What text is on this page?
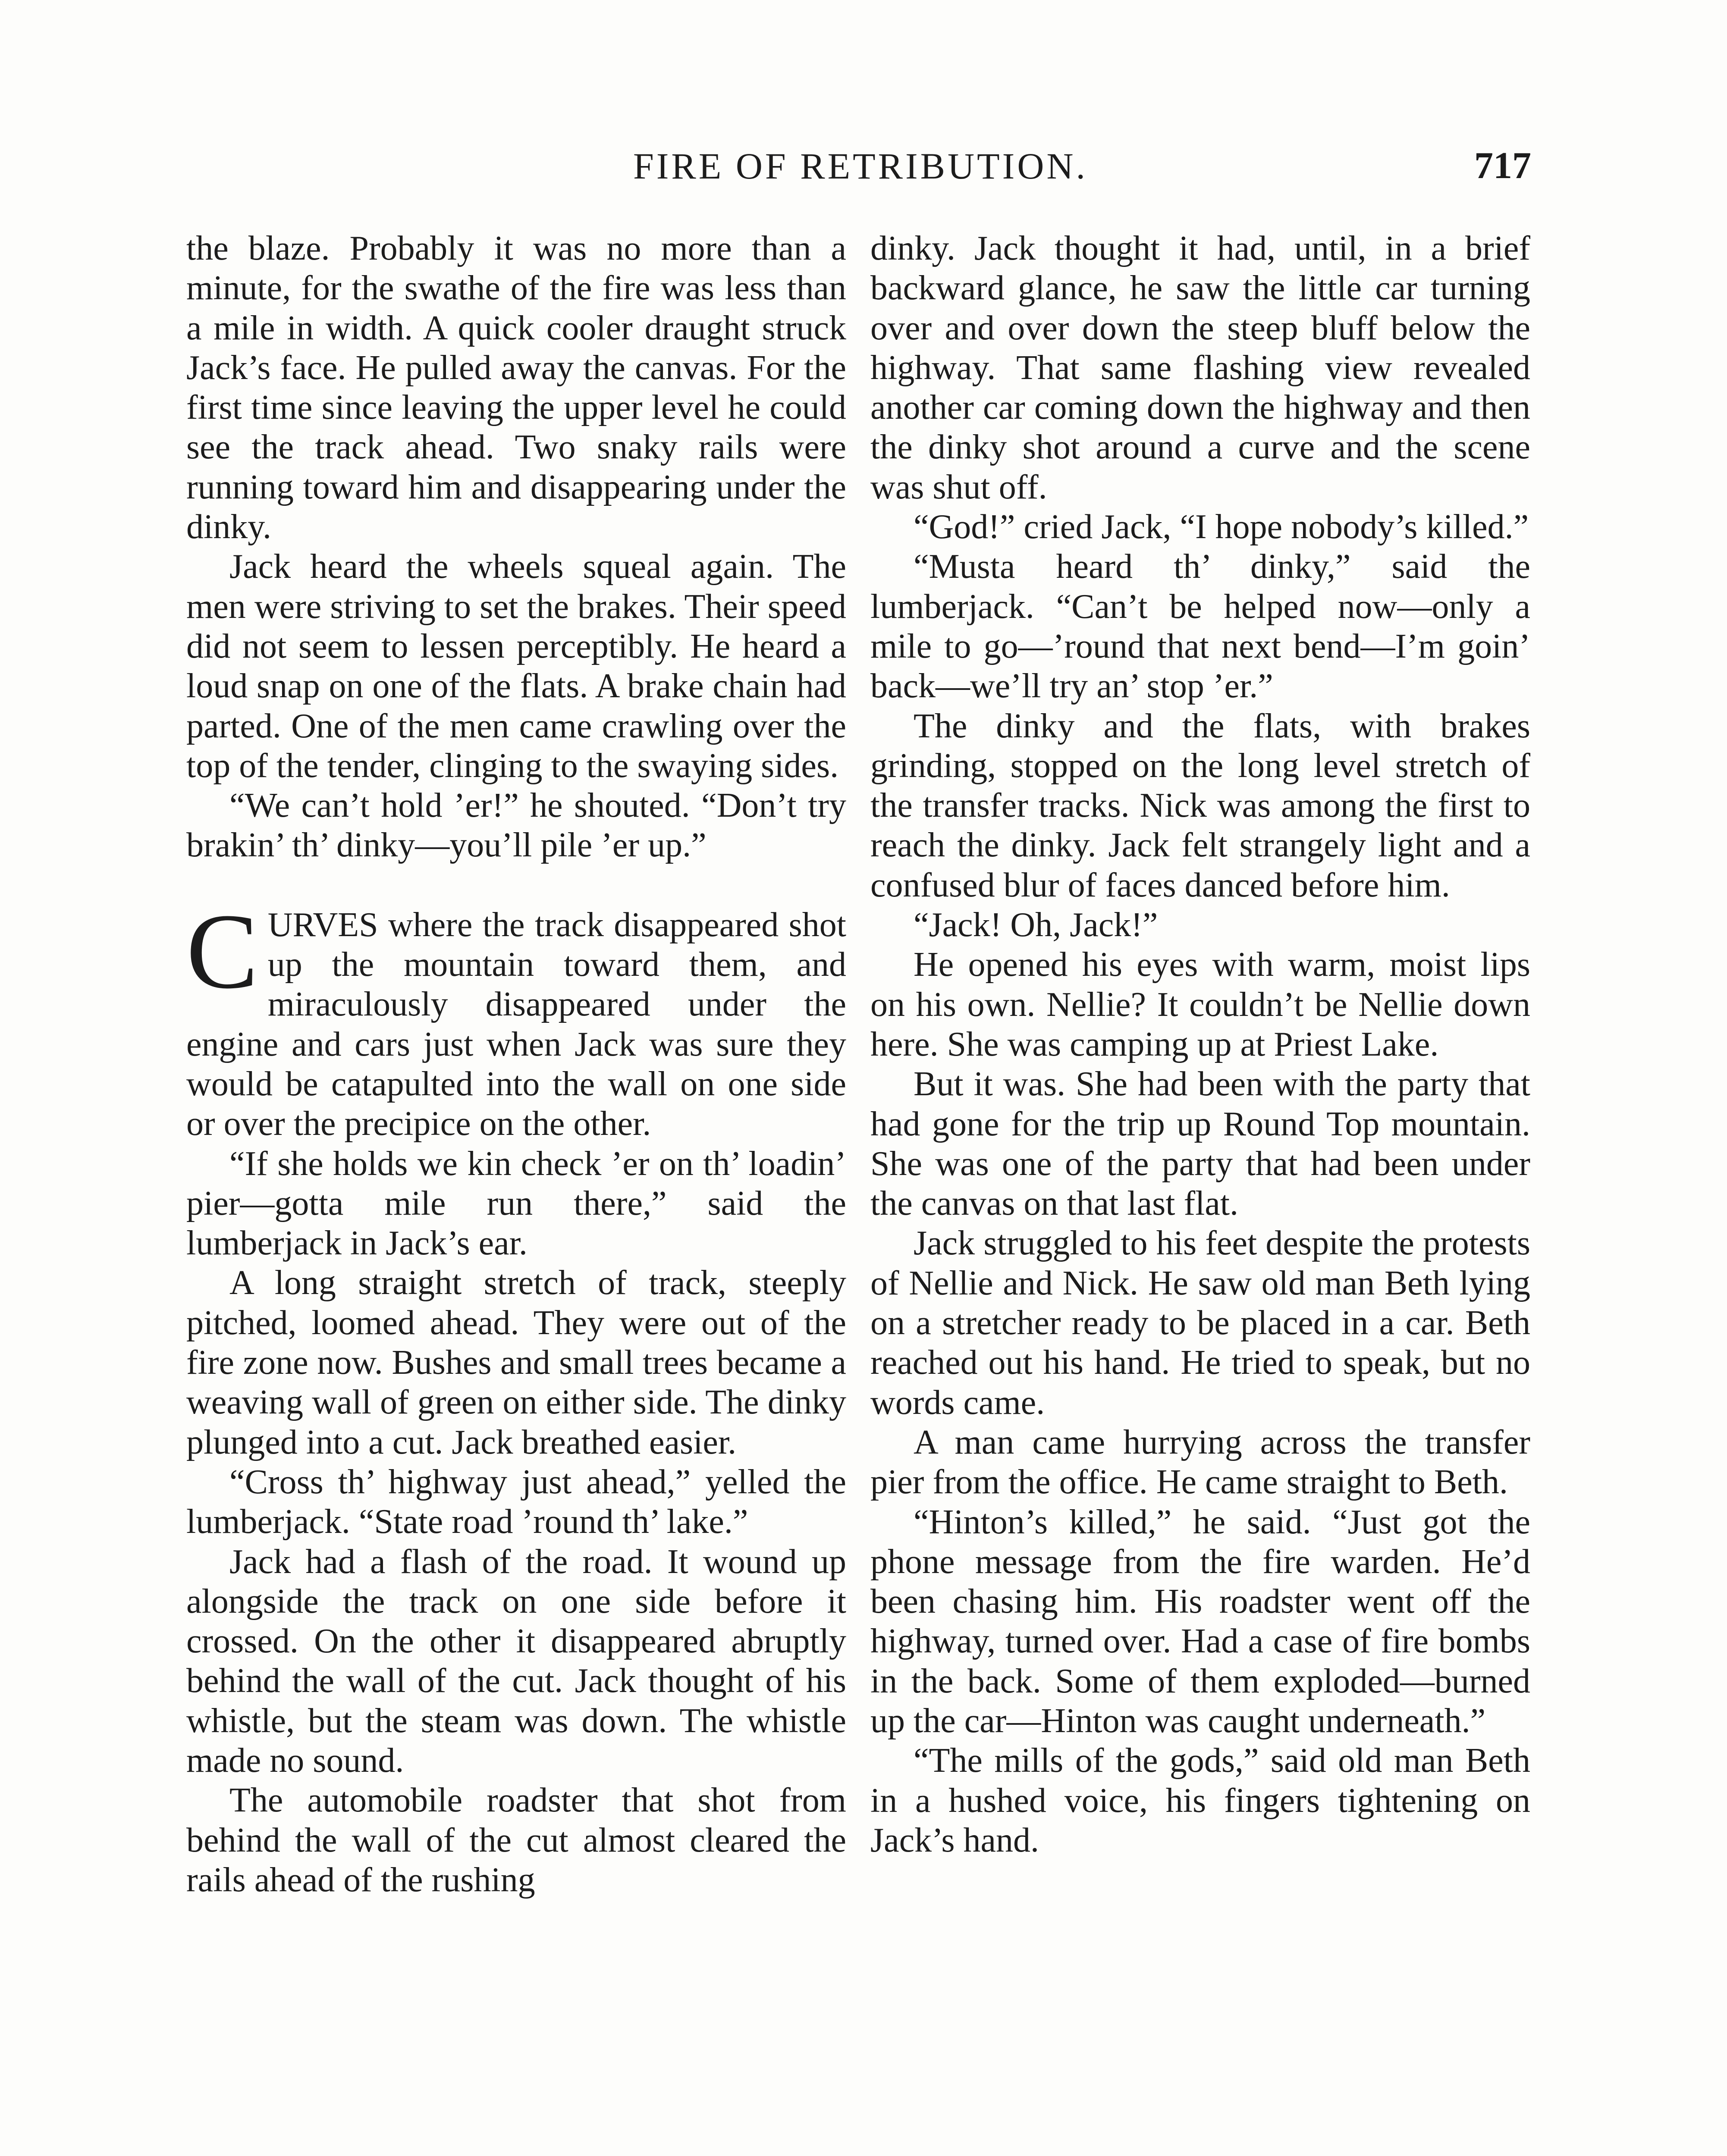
FIRE OF RETRIBUTION.	717

the blaze. Probably it was no more than a minute, for the swathe of the fire was less than a mile in width. A quick cooler draught struck Jack’s face. He pulled away the canvas. For the first time since leaving the upper level he could see the track ahead. Two snaky rails were running toward him and disappearing under the dinky.

Jack heard the wheels squeal again. The men were striving to set the brakes. Their speed did not seem to lessen perceptibly. He heard a loud snap on one of the flats. A brake chain had parted. One of the men came crawling over the top of the tender, clinging to the swaying sides.

“We can’t hold ’er!” he shouted. “Don’t try brakin’ th’ dinky—you’ll pile ’er up.”

CURVES where the track disappeared shot up the mountain toward them, and miraculously disappeared under the engine and cars just when Jack was sure they would be catapulted into the wall on one side or over the precipice on the other.

“If she holds we kin check ’er on th’ loadin’ pier—gotta mile run there,” said the lumberjack in Jack’s ear.

A long straight stretch of track, steeply pitched, loomed ahead. They were out of the fire zone now. Bushes and small trees became a weaving wall of green on either side. The dinky plunged into a cut. Jack breathed easier.

“Cross th’ highway just ahead,” yelled the lumberjack. “State road ’round th’ lake.”

Jack had a flash of the road. It wound up alongside the track on one side before it crossed. On the other it disappeared abruptly behind the wall of the cut. Jack thought of his whistle, but the steam was down. The whistle made no sound.

The automobile roadster that shot from behind the wall of the cut almost cleared the rails ahead of the rushing

dinky. Jack thought it had, until, in a brief backward glance, he saw the little car turning over and over down the steep bluff below the highway. That same flashing view revealed another car coming down the highway and then the dinky shot around a curve and the scene was shut off.

“God!” cried Jack, “I hope nobody’s killed.”

“Musta heard th’ dinky,” said the lumberjack. “Can’t be helped now—only a mile to go—’round that next bend—I’m goin’ back—we’ll try an’ stop ’er.”

The dinky and the flats, with brakes grinding, stopped on the long level stretch of the transfer tracks. Nick was among the first to reach the dinky. Jack felt strangely light and a confused blur of faces danced before him.

“Jack! Oh, Jack!”

He opened his eyes with warm, moist lips on his own. Nellie? It couldn’t be Nellie down here. She was camping up at Priest Lake.

But it was. She had been with the party that had gone for the trip up Round Top mountain. She was one of the party that had been under the canvas on that last flat.

Jack struggled to his feet despite the protests of Nellie and Nick. He saw old man Beth lying on a stretcher ready to be placed in a car. Beth reached out his hand. He tried to speak, but no words came.

A man came hurrying across the transfer pier from the office. He came straight to Beth.

“Hinton’s killed,” he said. “Just got the phone message from the fire warden. He’d been chasing him. His roadster went off the highway, turned over. Had a case of fire bombs in the back. Some of them exploded—burned up the car—Hinton was caught underneath.”

“The mills of the gods,” said old man Beth in a hushed voice, his fingers tightening on Jack’s hand.
